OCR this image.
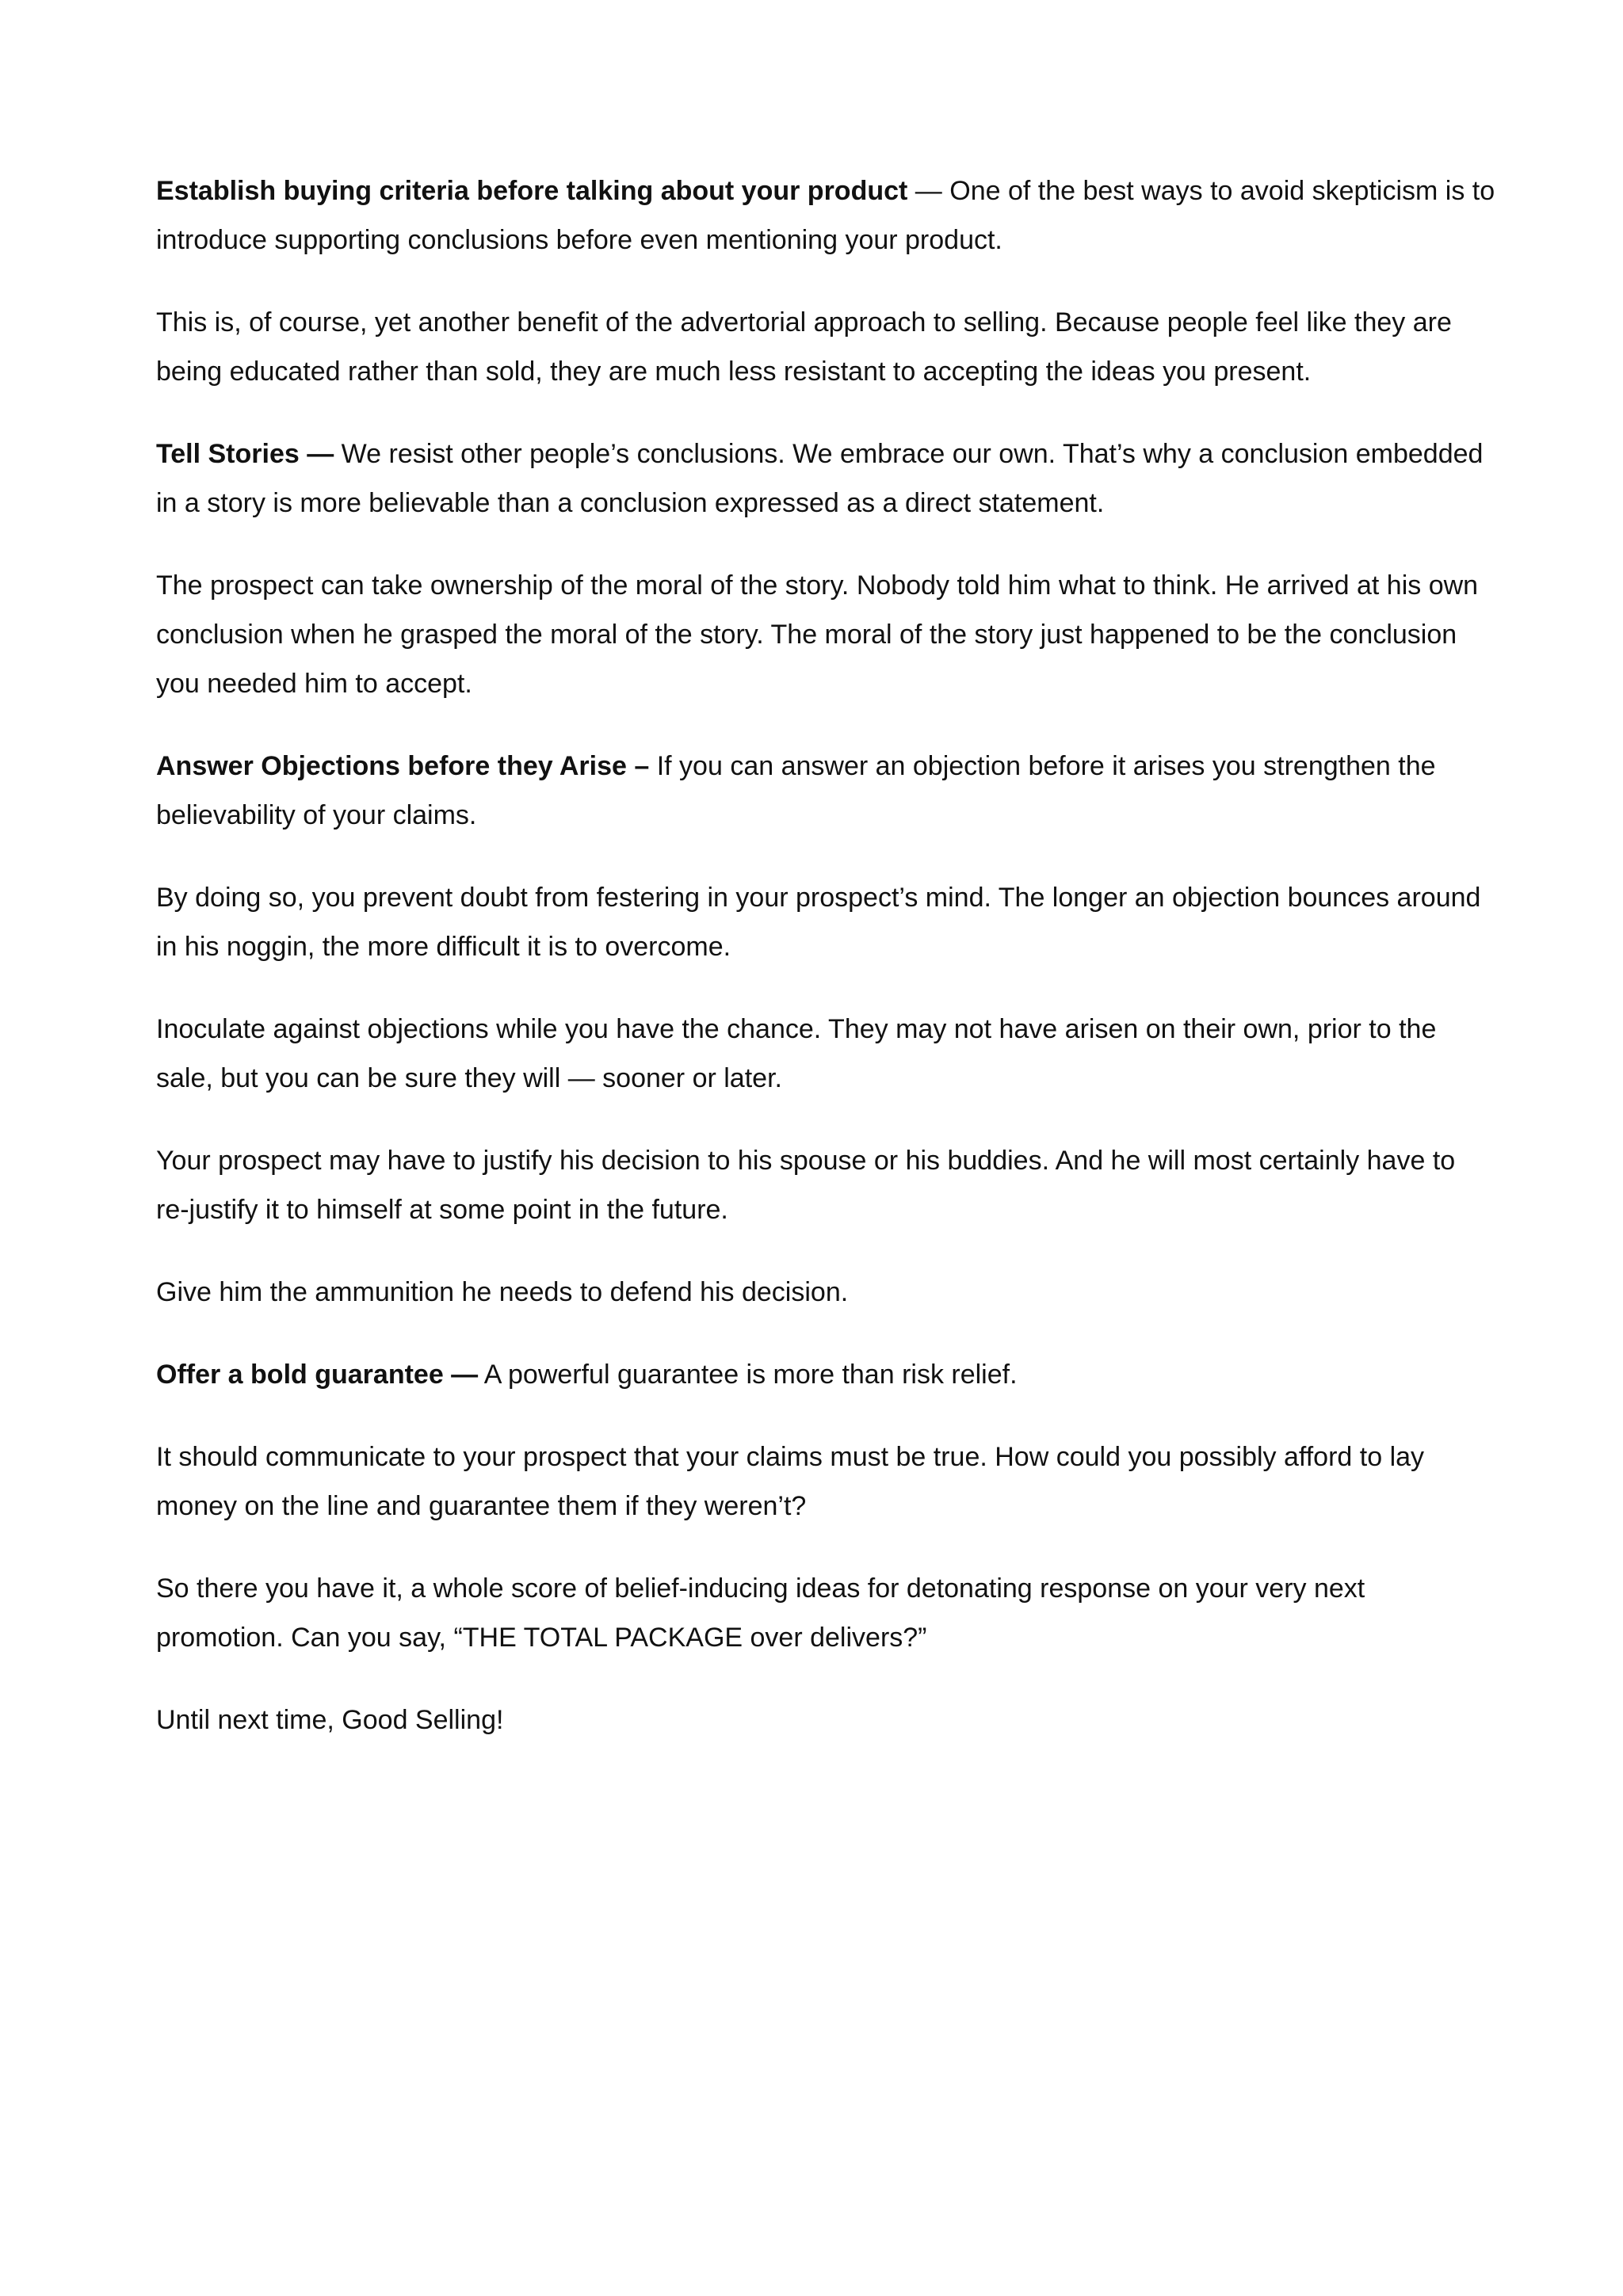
Establish buying criteria before talking about your product — One of the best ways to avoid skepticism is to introduce supporting conclusions before even mentioning your product.

This is, of course, yet another benefit of the advertorial approach to selling. Because people feel like they are being educated rather than sold, they are much less resistant to accepting the ideas you present.

Tell Stories — We resist other people’s conclusions. We embrace our own. That’s why a conclusion embedded in a story is more believable than a conclusion expressed as a direct statement.

The prospect can take ownership of the moral of the story. Nobody told him what to think. He arrived at his own conclusion when he grasped the moral of the story. The moral of the story just happened to be the conclusion you needed him to accept.

Answer Objections before they Arise – If you can answer an objection before it arises you strengthen the believability of your claims.

By doing so, you prevent doubt from festering in your prospect’s mind. The longer an objection bounces around in his noggin, the more difficult it is to overcome.

Inoculate against objections while you have the chance. They may not have arisen on their own, prior to the sale, but you can be sure they will — sooner or later.

Your prospect may have to justify his decision to his spouse or his buddies. And he will most certainly have to re-justify it to himself at some point in the future.

Give him the ammunition he needs to defend his decision.

Offer a bold guarantee — A powerful guarantee is more than risk relief.

It should communicate to your prospect that your claims must be true. How could you possibly afford to lay money on the line and guarantee them if they weren’t?

So there you have it, a whole score of belief-inducing ideas for detonating response on your very next promotion. Can you say, “THE TOTAL PACKAGE over delivers?”

Until next time, Good Selling!
